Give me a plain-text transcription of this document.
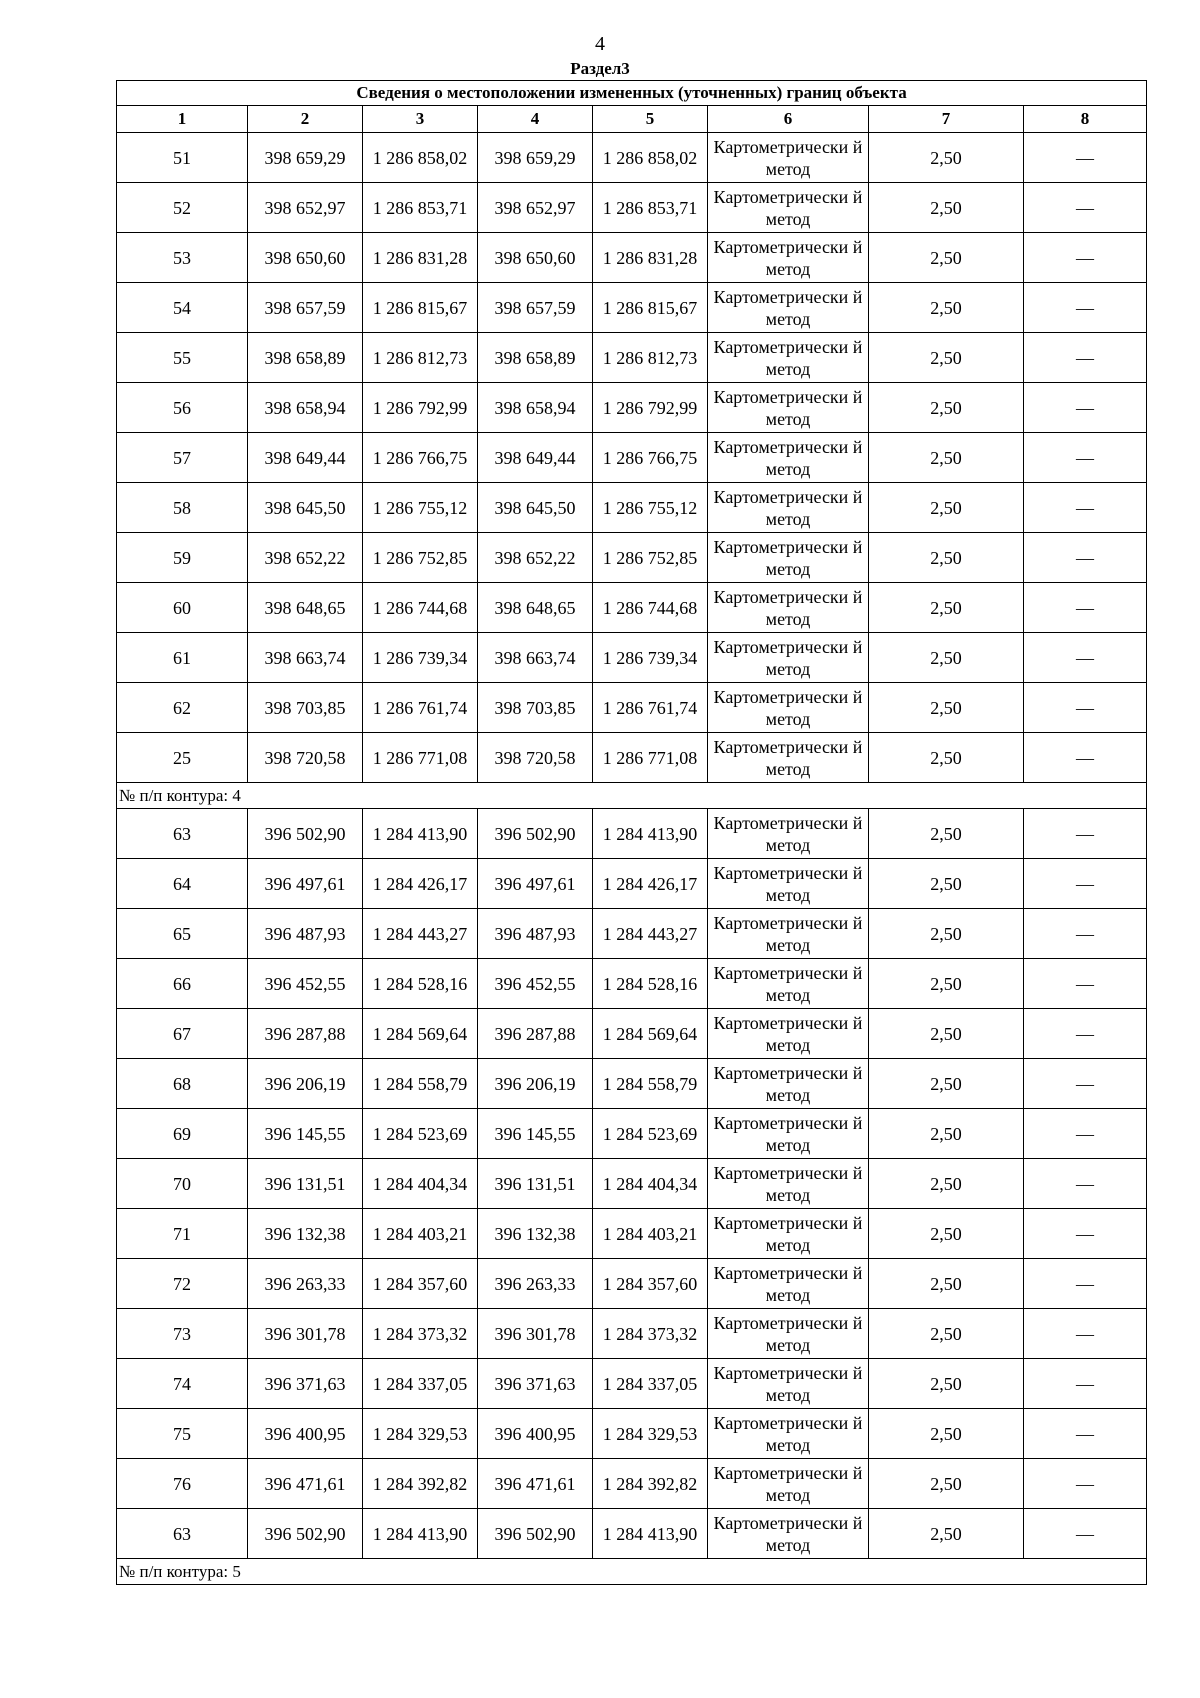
4
Раздел3
Сведения о местоположении измененных (уточненных) границ объекта							
1	2	3	4	5	6	7	8
51	398 659,29	1 286 858,02	398 659,29	1 286 858,02	Картометрически й метод	2,50	—
52	398 652,97	1 286 853,71	398 652,97	1 286 853,71	Картометрически й метод	2,50	—
53	398 650,60	1 286 831,28	398 650,60	1 286 831,28	Картометрически й метод	2,50	—
54	398 657,59	1 286 815,67	398 657,59	1 286 815,67	Картометрически й метод	2,50	—
55	398 658,89	1 286 812,73	398 658,89	1 286 812,73	Картометрически й метод	2,50	—
56	398 658,94	1 286 792,99	398 658,94	1 286 792,99	Картометрически й метод	2,50	—
57	398 649,44	1 286 766,75	398 649,44	1 286 766,75	Картометрически й метод	2,50	—
58	398 645,50	1 286 755,12	398 645,50	1 286 755,12	Картометрически й метод	2,50	—
59	398 652,22	1 286 752,85	398 652,22	1 286 752,85	Картометрически й метод	2,50	—
60	398 648,65	1 286 744,68	398 648,65	1 286 744,68	Картометрически й метод	2,50	—
61	398 663,74	1 286 739,34	398 663,74	1 286 739,34	Картометрически й метод	2,50	—
62	398 703,85	1 286 761,74	398 703,85	1 286 761,74	Картометрически й метод	2,50	—
25	398 720,58	1 286 771,08	398 720,58	1 286 771,08	Картометрически й метод	2,50	—
№ п/п контура: 4							
63	396 502,90	1 284 413,90	396 502,90	1 284 413,90	Картометрически й метод	2,50	—
64	396 497,61	1 284 426,17	396 497,61	1 284 426,17	Картометрически й метод	2,50	—
65	396 487,93	1 284 443,27	396 487,93	1 284 443,27	Картометрически й метод	2,50	—
66	396 452,55	1 284 528,16	396 452,55	1 284 528,16	Картометрически й метод	2,50	—
67	396 287,88	1 284 569,64	396 287,88	1 284 569,64	Картометрически й метод	2,50	—
68	396 206,19	1 284 558,79	396 206,19	1 284 558,79	Картометрически й метод	2,50	—
69	396 145,55	1 284 523,69	396 145,55	1 284 523,69	Картометрически й метод	2,50	—
70	396 131,51	1 284 404,34	396 131,51	1 284 404,34	Картометрически й метод	2,50	—
71	396 132,38	1 284 403,21	396 132,38	1 284 403,21	Картометрически й метод	2,50	—
72	396 263,33	1 284 357,60	396 263,33	1 284 357,60	Картометрически й метод	2,50	—
73	396 301,78	1 284 373,32	396 301,78	1 284 373,32	Картометрически й метод	2,50	—
74	396 371,63	1 284 337,05	396 371,63	1 284 337,05	Картометрически й метод	2,50	—
75	396 400,95	1 284 329,53	396 400,95	1 284 329,53	Картометрически й метод	2,50	—
76	396 471,61	1 284 392,82	396 471,61	1 284 392,82	Картометрически й метод	2,50	—
63	396 502,90	1 284 413,90	396 502,90	1 284 413,90	Картометрически й метод	2,50	—
№ п/п контура: 5							
